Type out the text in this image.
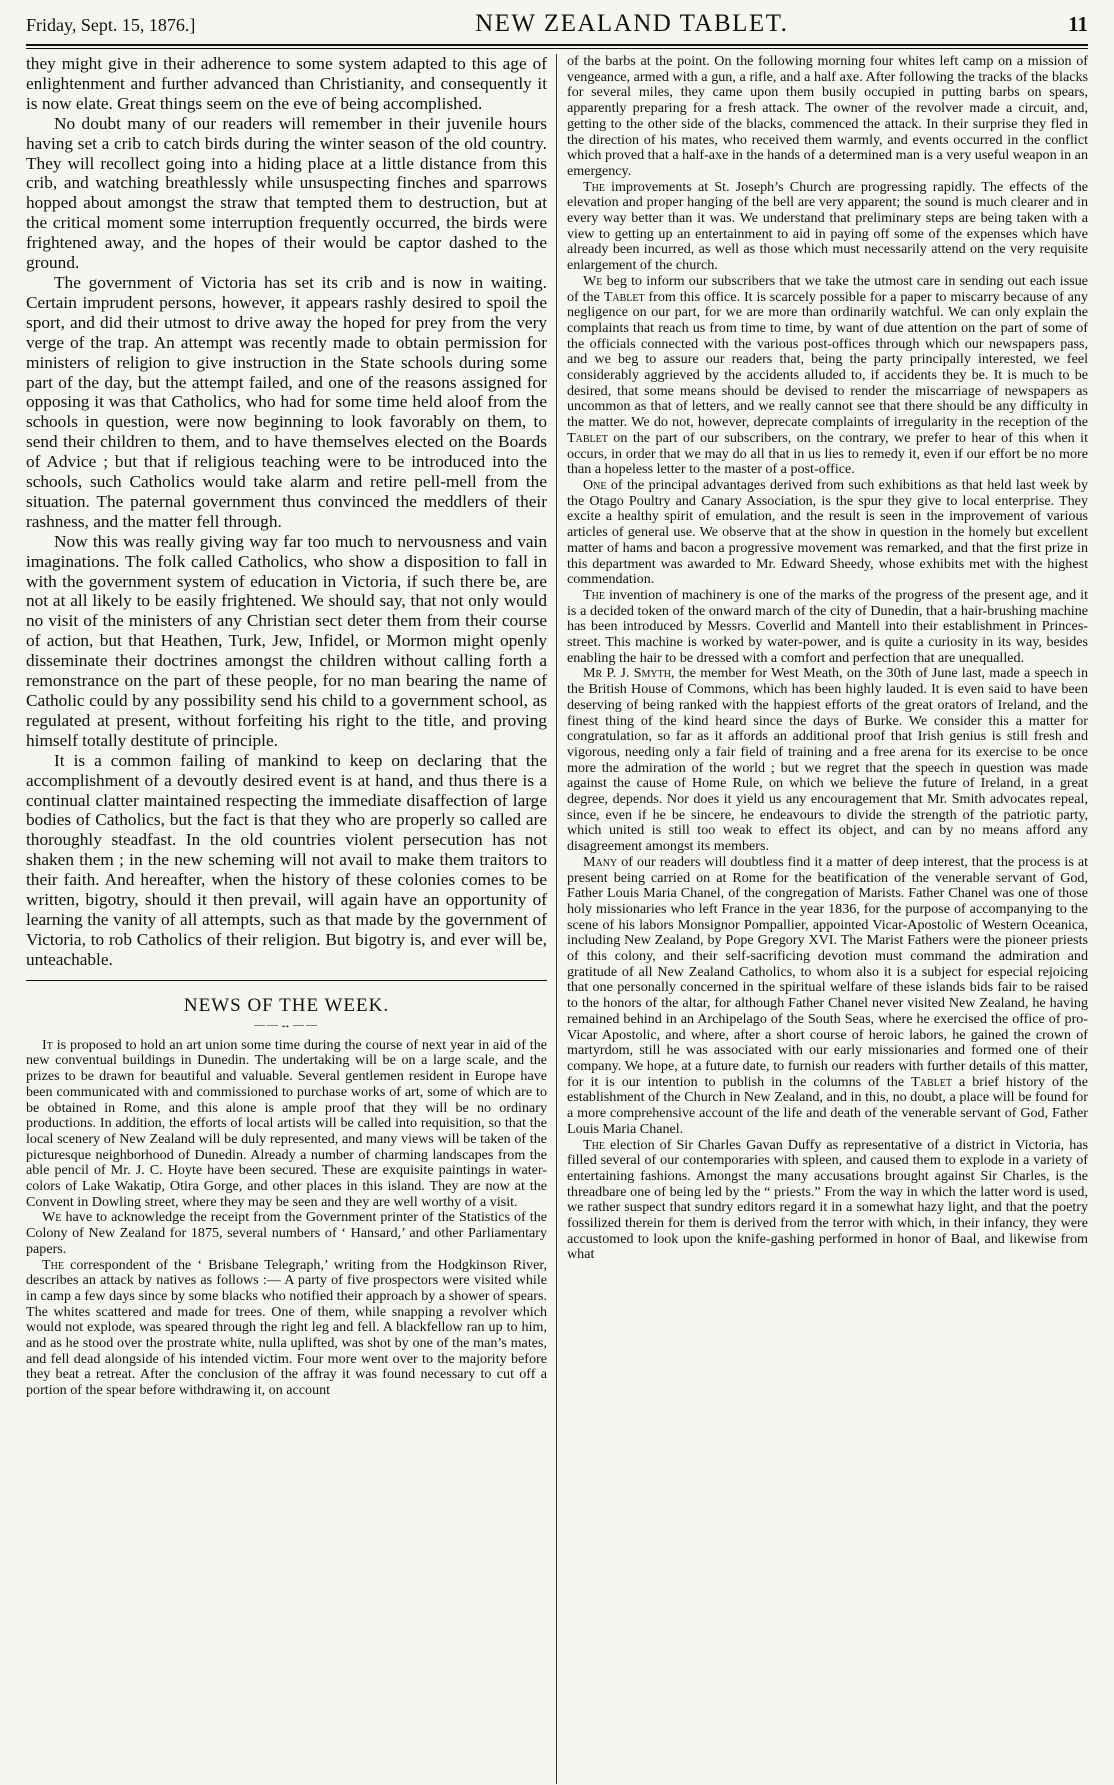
Friday, Sept. 15, 1876.]	NEW ZEALAND TABLET.	11

they might give in their adherence to some system adapted to this age of enlightenment and further advanced than Christianity, and consequently it is now elate. Great things seem on the eve of being accomplished.

No doubt many of our readers will remember in their juvenile hours having set a crib to catch birds during the winter season of the old country. They will recollect going into a hiding place at a little distance from this crib, and watching breathlessly while unsuspecting finches and sparrows hopped about amongst the straw that tempted them to destruction, but at the critical moment some interruption frequently occurred, the birds were frightened away, and the hopes of their would be captor dashed to the ground.

The government of Victoria has set its crib and is now in waiting. Certain imprudent persons, however, it appears rashly desired to spoil the sport, and did their utmost to drive away the hoped for prey from the very verge of the trap. An attempt was recently made to obtain permission for ministers of religion to give instruction in the State schools during some part of the day, but the attempt failed, and one of the reasons assigned for opposing it was that Catholics, who had for some time held aloof from the schools in question, were now beginning to look favorably on them, to send their children to them, and to have themselves elected on the Boards of Advice ; but that if religious teaching were to be introduced into the schools, such Catholics would take alarm and retire pell-mell from the situation. The paternal government thus convinced the meddlers of their rashness, and the matter fell through.

Now this was really giving way far too much to nervousness and vain imaginations. The folk called Catholics, who show a disposition to fall in with the government system of education in Victoria, if such there be, are not at all likely to be easily frightened. We should say, that not only would no visit of the ministers of any Christian sect deter them from their course of action, but that Heathen, Turk, Jew, Infidel, or Mormon might openly disseminate their doctrines amongst the children without calling forth a remonstrance on the part of these people, for no man bearing the name of Catholic could by any possibility send his child to a government school, as regulated at present, without forfeiting his right to the title, and proving himself totally destitute of principle.

It is a common failing of mankind to keep on declaring that the accomplishment of a devoutly desired event is at hand, and thus there is a continual clatter maintained respecting the immediate disaffection of large bodies of Catholics, but the fact is that they who are properly so called are thoroughly steadfast. In the old countries violent persecution has not shaken them ; in the new scheming will not avail to make them traitors to their faith. And hereafter, when the history of these colonies comes to be written, bigotry, should it then prevail, will again have an opportunity of learning the vanity of all attempts, such as that made by the government of Victoria, to rob Catholics of their religion. But bigotry is, and ever will be, unteachable.

NEWS OF THE WEEK.
——↔——

It is proposed to hold an art union some time during the course of next year in aid of the new conventual buildings in Dunedin. The undertaking will be on a large scale, and the prizes to be drawn for beautiful and valuable. Several gentlemen resident in Europe have been communicated with and commissioned to purchase works of art, some of which are to be obtained in Rome, and this alone is ample proof that they will be no ordinary productions. In addition, the efforts of local artists will be called into requisition, so that the local scenery of New Zealand will be duly represented, and many views will be taken of the picturesque neighborhood of Dunedin. Already a number of charming landscapes from the able pencil of Mr. J. C. Hoyte have been secured. These are exquisite paintings in water-colors of Lake Wakatip, Otira Gorge, and other places in this island. They are now at the Convent in Dowling street, where they may be seen and they are well worthy of a visit.

We have to acknowledge the receipt from the Government printer of the Statistics of the Colony of New Zealand for 1875, several numbers of ‘ Hansard,’ and other Parliamentary papers.

The correspondent of the ‘ Brisbane Telegraph,’ writing from the Hodgkinson River, describes an attack by natives as follows :— A party of five prospectors were visited while in camp a few days since by some blacks who notified their approach by a shower of spears. The whites scattered and made for trees. One of them, while snapping a revolver which would not explode, was speared through the right leg and fell. A blackfellow ran up to him, and as he stood over the prostrate white, nulla uplifted, was shot by one of the man’s mates, and fell dead alongside of his intended victim. Four more went over to the majority before they beat a retreat. After the conclusion of the affray it was found necessary to cut off a portion of the spear before withdrawing it, on account

of the barbs at the point. On the following morning four whites left camp on a mission of vengeance, armed with a gun, a rifle, and a half axe. After following the tracks of the blacks for several miles, they came upon them busily occupied in putting barbs on spears, apparently preparing for a fresh attack. The owner of the revolver made a circuit, and, getting to the other side of the blacks, commenced the attack. In their surprise they fled in the direction of his mates, who received them warmly, and events occurred in the conflict which proved that a half-axe in the hands of a determined man is a very useful weapon in an emergency.

The improvements at St. Joseph’s Church are progressing rapidly. The effects of the elevation and proper hanging of the bell are very apparent; the sound is much clearer and in every way better than it was. We understand that preliminary steps are being taken with a view to getting up an entertainment to aid in paying off some of the expenses which have already been incurred, as well as those which must necessarily attend on the very requisite enlargement of the church.

We beg to inform our subscribers that we take the utmost care in sending out each issue of the Tablet from this office. It is scarcely possible for a paper to miscarry because of any negligence on our part, for we are more than ordinarily watchful. We can only explain the complaints that reach us from time to time, by want of due attention on the part of some of the officials connected with the various post-offices through which our newspapers pass, and we beg to assure our readers that, being the party principally interested, we feel considerably aggrieved by the accidents alluded to, if accidents they be. It is much to be desired, that some means should be devised to render the miscarriage of newspapers as uncommon as that of letters, and we really cannot see that there should be any difficulty in the matter. We do not, however, deprecate complaints of irregularity in the reception of the Tablet on the part of our subscribers, on the contrary, we prefer to hear of this when it occurs, in order that we may do all that in us lies to remedy it, even if our effort be no more than a hopeless letter to the master of a post-office.

One of the principal advantages derived from such exhibitions as that held last week by the Otago Poultry and Canary Association, is the spur they give to local enterprise. They excite a healthy spirit of emulation, and the result is seen in the improvement of various articles of general use. We observe that at the show in question in the homely but excellent matter of hams and bacon a progressive movement was remarked, and that the first prize in this department was awarded to Mr. Edward Sheedy, whose exhibits met with the highest commendation.

The invention of machinery is one of the marks of the progress of the present age, and it is a decided token of the onward march of the city of Dunedin, that a hair-brushing machine has been introduced by Messrs. Coverlid and Mantell into their establishment in Princes-street. This machine is worked by water-power, and is quite a curiosity in its way, besides enabling the hair to be dressed with a comfort and perfection that are unequalled.

Mr P. J. Smyth, the member for West Meath, on the 30th of June last, made a speech in the British House of Commons, which has been highly lauded. It is even said to have been deserving of being ranked with the happiest efforts of the great orators of Ireland, and the finest thing of the kind heard since the days of Burke. We consider this a matter for congratulation, so far as it affords an additional proof that Irish genius is still fresh and vigorous, needing only a fair field of training and a free arena for its exercise to be once more the admiration of the world ; but we regret that the speech in question was made against the cause of Home Rule, on which we believe the future of Ireland, in a great degree, depends. Nor does it yield us any encouragement that Mr. Smith advocates repeal, since, even if he be sincere, he endeavours to divide the strength of the patriotic party, which united is still too weak to effect its object, and can by no means afford any disagreement amongst its members.

Many of our readers will doubtless find it a matter of deep interest, that the process is at present being carried on at Rome for the beatification of the venerable servant of God, Father Louis Maria Chanel, of the congregation of Marists. Father Chanel was one of those holy missionaries who left France in the year 1836, for the purpose of accompanying to the scene of his labors Monsignor Pompallier, appointed Vicar-Apostolic of Western Oceanica, including New Zealand, by Pope Gregory XVI. The Marist Fathers were the pioneer priests of this colony, and their self-sacrificing devotion must command the admiration and gratitude of all New Zealand Catholics, to whom also it is a subject for especial rejoicing that one personally concerned in the spiritual welfare of these islands bids fair to be raised to the honors of the altar, for although Father Chanel never visited New Zealand, he having remained behind in an Archipelago of the South Seas, where he exercised the office of pro-Vicar Apostolic, and where, after a short course of heroic labors, he gained the crown of martyrdom, still he was associated with our early missionaries and formed one of their company. We hope, at a future date, to furnish our readers with further details of this matter, for it is our intention to publish in the columns of the Tablet a brief history of the establishment of the Church in New Zealand, and in this, no doubt, a place will be found for a more comprehensive account of the life and death of the venerable servant of God, Father Louis Maria Chanel.

The election of Sir Charles Gavan Duffy as representative of a district in Victoria, has filled several of our contemporaries with spleen, and caused them to explode in a variety of entertaining fashions. Amongst the many accusations brought against Sir Charles, is the threadbare one of being led by the “ priests.” From the way in which the latter word is used, we rather suspect that sundry editors regard it in a somewhat hazy light, and that the poetry fossilized therein for them is derived from the terror with which, in their infancy, they were accustomed to look upon the knife-gashing performed in honor of Baal, and likewise from what
